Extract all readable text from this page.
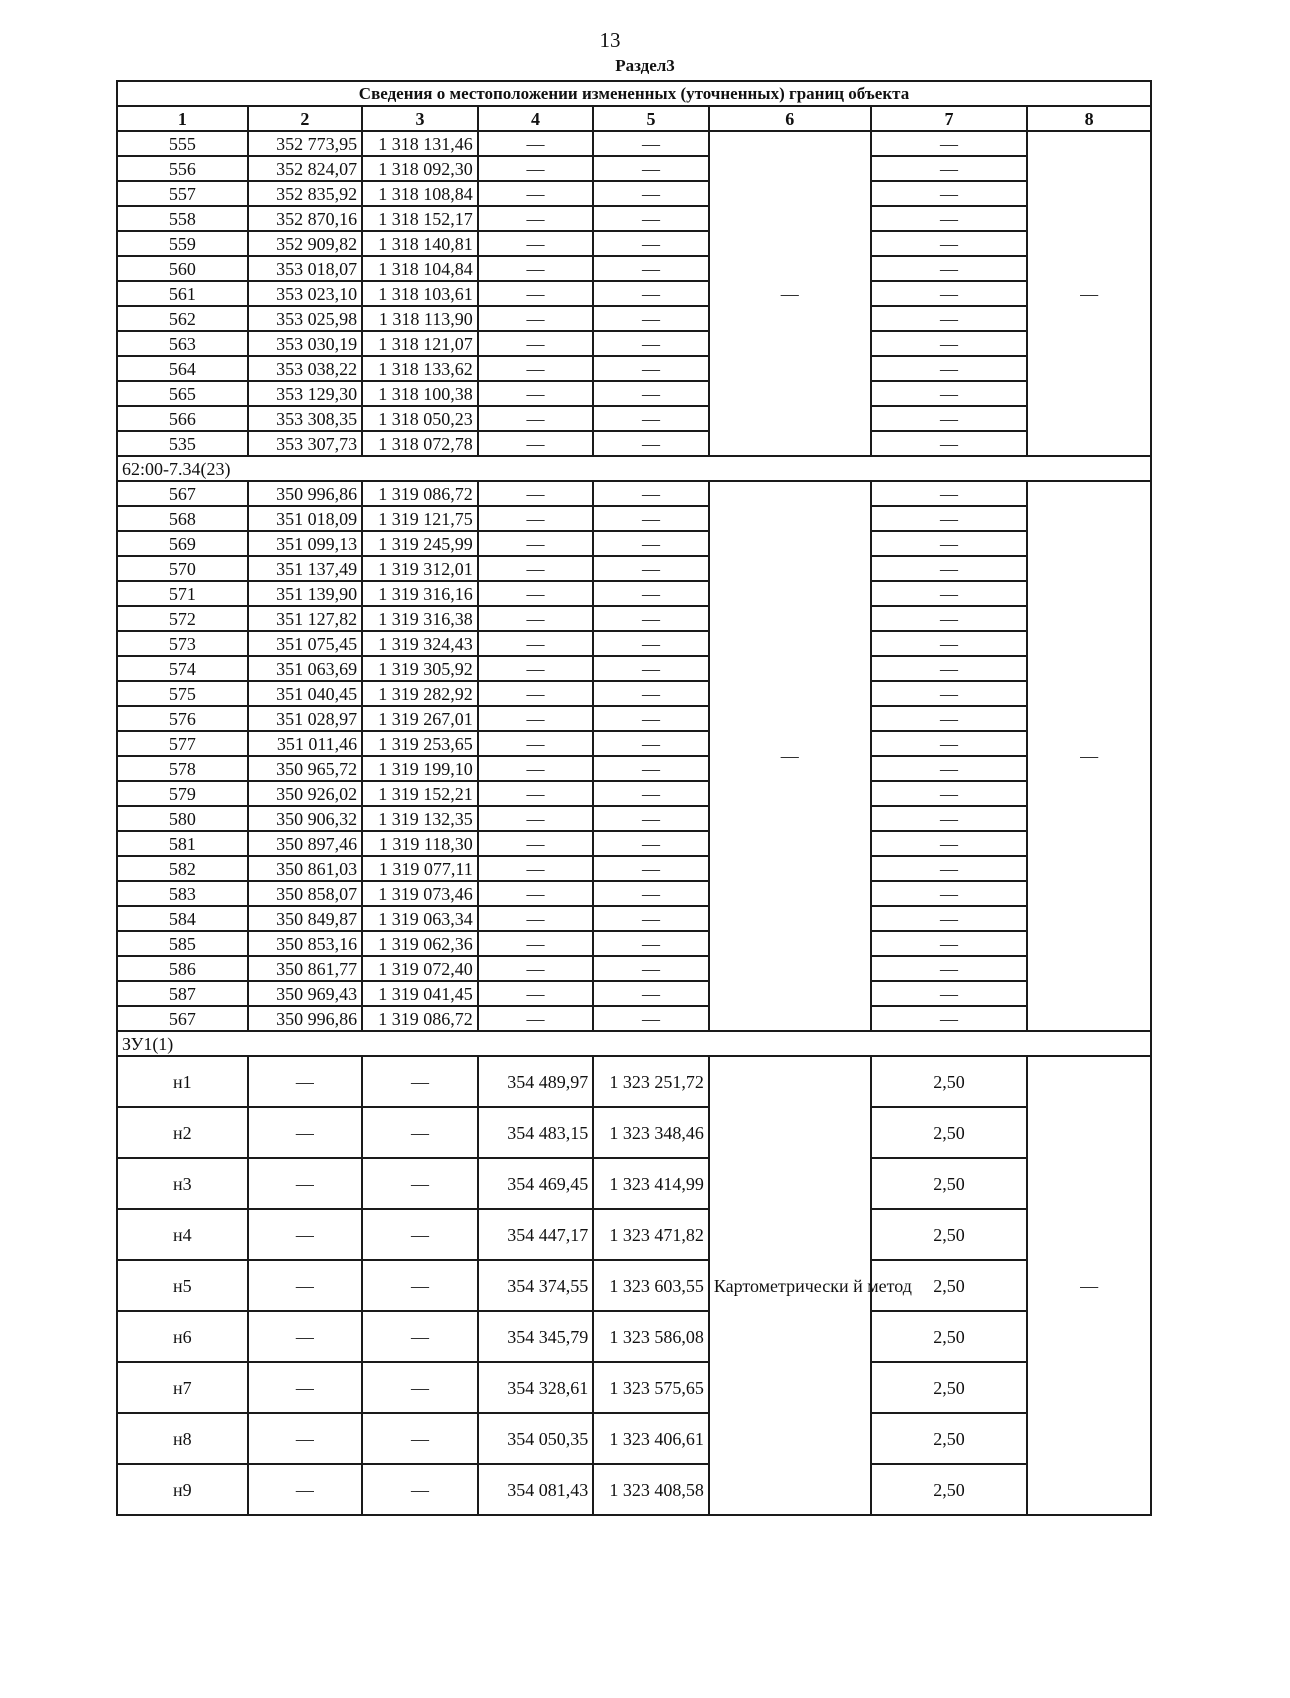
13
Раздел3
Сведения о местоположении измененных (уточненных) границ объекта							
1	2	3	4	5	6	7	8
555	352 773,95	1 318 131,46	—	—	—	—	—
556	352 824,07	1 318 092,30	—	—		—	
557	352 835,92	1 318 108,84	—	—		—	
558	352 870,16	1 318 152,17	—	—		—	
559	352 909,82	1 318 140,81	—	—		—	
560	353 018,07	1 318 104,84	—	—		—	
561	353 023,10	1 318 103,61	—	—		—	
562	353 025,98	1 318 113,90	—	—		—	
563	353 030,19	1 318 121,07	—	—		—	
564	353 038,22	1 318 133,62	—	—		—	
565	353 129,30	1 318 100,38	—	—		—	
566	353 308,35	1 318 050,23	—	—		—	
535	353 307,73	1 318 072,78	—	—		—	
62:00-7.34(23)							
567	350 996,86	1 319 086,72	—	—	—	—	—
568	351 018,09	1 319 121,75	—	—		—	
569	351 099,13	1 319 245,99	—	—		—	
570	351 137,49	1 319 312,01	—	—		—	
571	351 139,90	1 319 316,16	—	—		—	
572	351 127,82	1 319 316,38	—	—		—	
573	351 075,45	1 319 324,43	—	—		—	
574	351 063,69	1 319 305,92	—	—		—	
575	351 040,45	1 319 282,92	—	—		—	
576	351 028,97	1 319 267,01	—	—		—	
577	351 011,46	1 319 253,65	—	—		—	
578	350 965,72	1 319 199,10	—	—		—	
579	350 926,02	1 319 152,21	—	—		—	
580	350 906,32	1 319 132,35	—	—		—	
581	350 897,46	1 319 118,30	—	—		—	
582	350 861,03	1 319 077,11	—	—		—	
583	350 858,07	1 319 073,46	—	—		—	
584	350 849,87	1 319 063,34	—	—		—	
585	350 853,16	1 319 062,36	—	—		—	
586	350 861,77	1 319 072,40	—	—		—	
587	350 969,43	1 319 041,45	—	—		—	
567	350 996,86	1 319 086,72	—	—		—	
ЗУ1(1)							
н1	—	—	354 489,97	1 323 251,72	Картометрически й метод	2,50	—
н2	—	—	354 483,15	1 323 348,46		2,50	
н3	—	—	354 469,45	1 323 414,99		2,50	
н4	—	—	354 447,17	1 323 471,82		2,50	
н5	—	—	354 374,55	1 323 603,55		2,50	
н6	—	—	354 345,79	1 323 586,08		2,50	
н7	—	—	354 328,61	1 323 575,65		2,50	
н8	—	—	354 050,35	1 323 406,61		2,50	
н9	—	—	354 081,43	1 323 408,58		2,50	
